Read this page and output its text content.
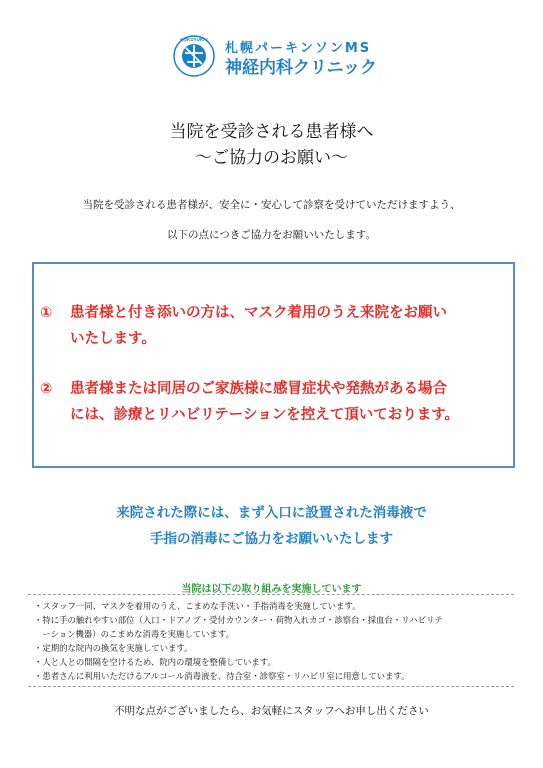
HOKUYUKAI
札幌パーキンソンMS
神経内科クリニック
当院を受診される患者様へ
～ご協力のお願い～
当院を受診される患者様が、安全に・安心して診察を受けていただけますよう、
以下の点につきご協力をお願いいたします。
① 患者様と付き添いの方は、マスク着用のうえ来院をお願い
いたします。
② 患者様または同居のご家族様に感冒症状や発熱がある場合
には、診療とリハビリテーションを控えて頂いております。
来院された際には、まず入口に設置された消毒液で
手指の消毒にご協力をお願いいたします
当院は以下の取り組みを実施しています
・スタッフ一同、マスクを着用のうえ、こまめな手洗い・手指消毒を実施しています。
・特に手の触れやすい部位（入口・ドアノブ・受付カウンター・荷物入れカゴ・診察台・採血台・リハビリテ
　ーション機器）のこまめな消毒を実施しています。
・定期的な院内の換気を実施しています。
・人と人との間隔を空けるため、院内の環境を整備しています。
・患者さんに利用いただけるアルコール消毒液を、待合室・診察室・リハビリ室に用意しています。
不明な点がございましたら、お気軽にスタッフへお申し出ください
